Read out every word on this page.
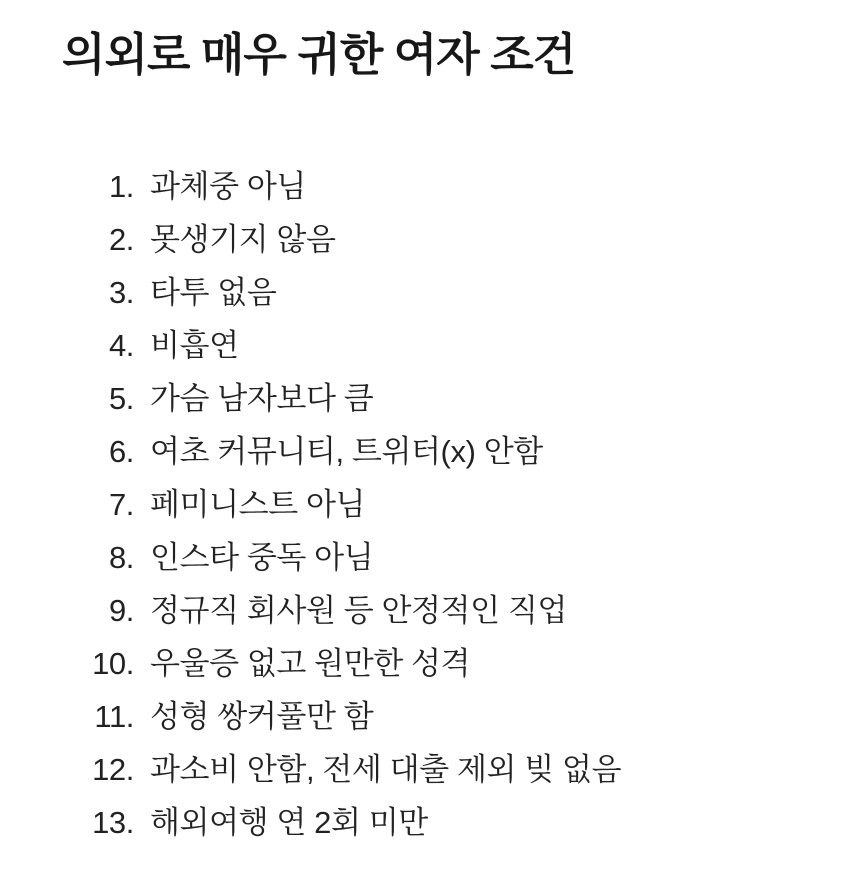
의외로 매우 귀한 여자 조건
1. 과체중 아님
2. 못생기지 않음
3. 타투 없음
4. 비흡연
5. 가슴 남자보다 큼
6. 여초 커뮤니티, 트위터(x) 안함
7. 페미니스트 아님
8. 인스타 중독 아님
9. 정규직 회사원 등 안정적인 직업
10. 우울증 없고 원만한 성격
11. 성형 쌍커풀만 함
12. 과소비 안함, 전세 대출 제외 빚 없음
13. 해외여행 연 2회 미만
